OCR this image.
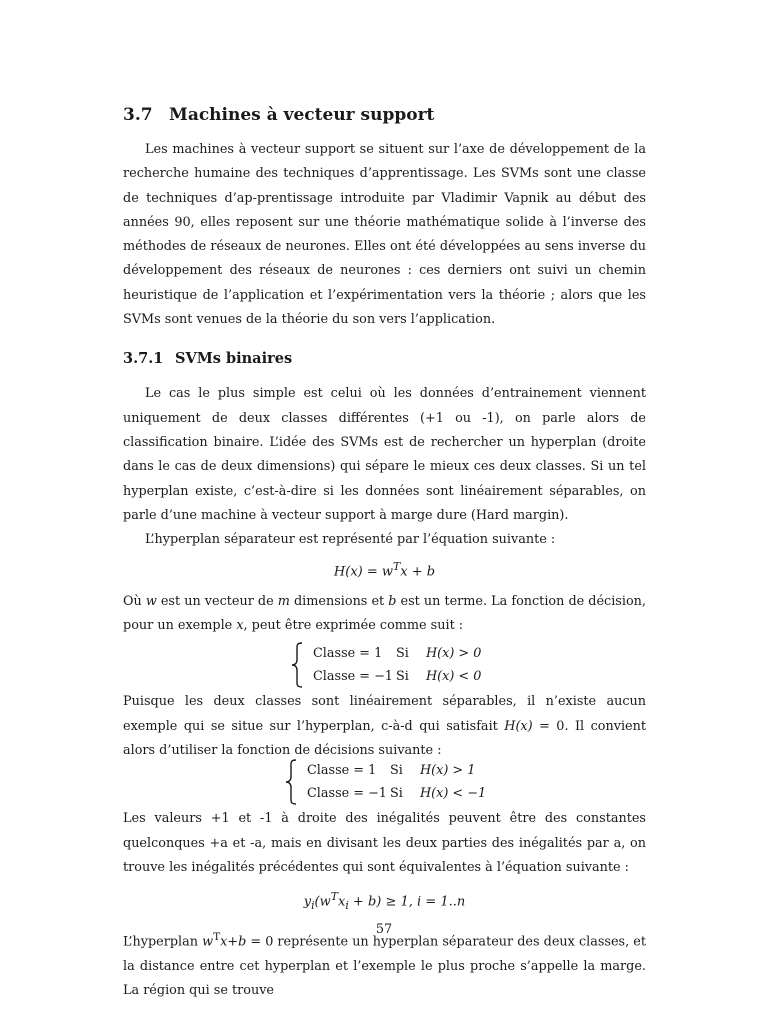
3.7 Machines à vecteur support

Les machines à vecteur support se situent sur l’axe de développement de la recherche humaine des techniques d’apprentissage. Les SVMs sont une classe de techniques d’ap-prentissage introduite par Vladimir Vapnik au début des années 90, elles reposent sur une théorie mathématique solide à l’inverse des méthodes de réseaux de neurones. Elles ont été développées au sens inverse du développement des réseaux de neurones : ces derniers ont suivi un chemin heuristique de l’application et l’expérimentation vers la théorie ; alors que les SVMs sont venues de la théorie du son vers l’application.

3.7.1 SVMs binaires

Le cas le plus simple est celui où les données d’entrainement viennent uniquement de deux classes différentes (+1 ou -1), on parle alors de classification binaire. L’idée des SVMs est de rechercher un hyperplan (droite dans le cas de deux dimensions) qui sépare le mieux ces deux classes. Si un tel hyperplan existe, c’est-à-dire si les données sont linéairement séparables, on parle d’une machine à vecteur support à marge dure (Hard margin).

L’hyperplan séparateur est représenté par l’équation suivante :

$H(x) = w^Tx + b$

Où w est un vecteur de m dimensions et b est un terme. La fonction de décision, pour un exemple x, peut être exprimée comme suit :

Classe = 1 Si H(x) > 0
Classe = −1 Si H(x) < 0

Puisque les deux classes sont linéairement séparables, il n’existe aucun exemple qui se situe sur l’hyperplan, c-à-d qui satisfait H(x) = 0. Il convient alors d’utiliser la fonction de décisions suivante :

Classe = 1 Si H(x) > 1
Classe = −1 Si H(x) < −1

Les valeurs +1 et -1 à droite des inégalités peuvent être des constantes quelconques +a et -a, mais en divisant les deux parties des inégalités par a, on trouve les inégalités précédentes qui sont équivalentes à l’équation suivante :

$y_i(w^Tx_i + b) \ge 1$, i = 1..n

L’hyperplan $w^Tx+b = 0$ représente un hyperplan séparateur des deux classes, et la distance entre cet hyperplan et l’exemple le plus proche s’appelle la marge. La région qui se trouve

57
